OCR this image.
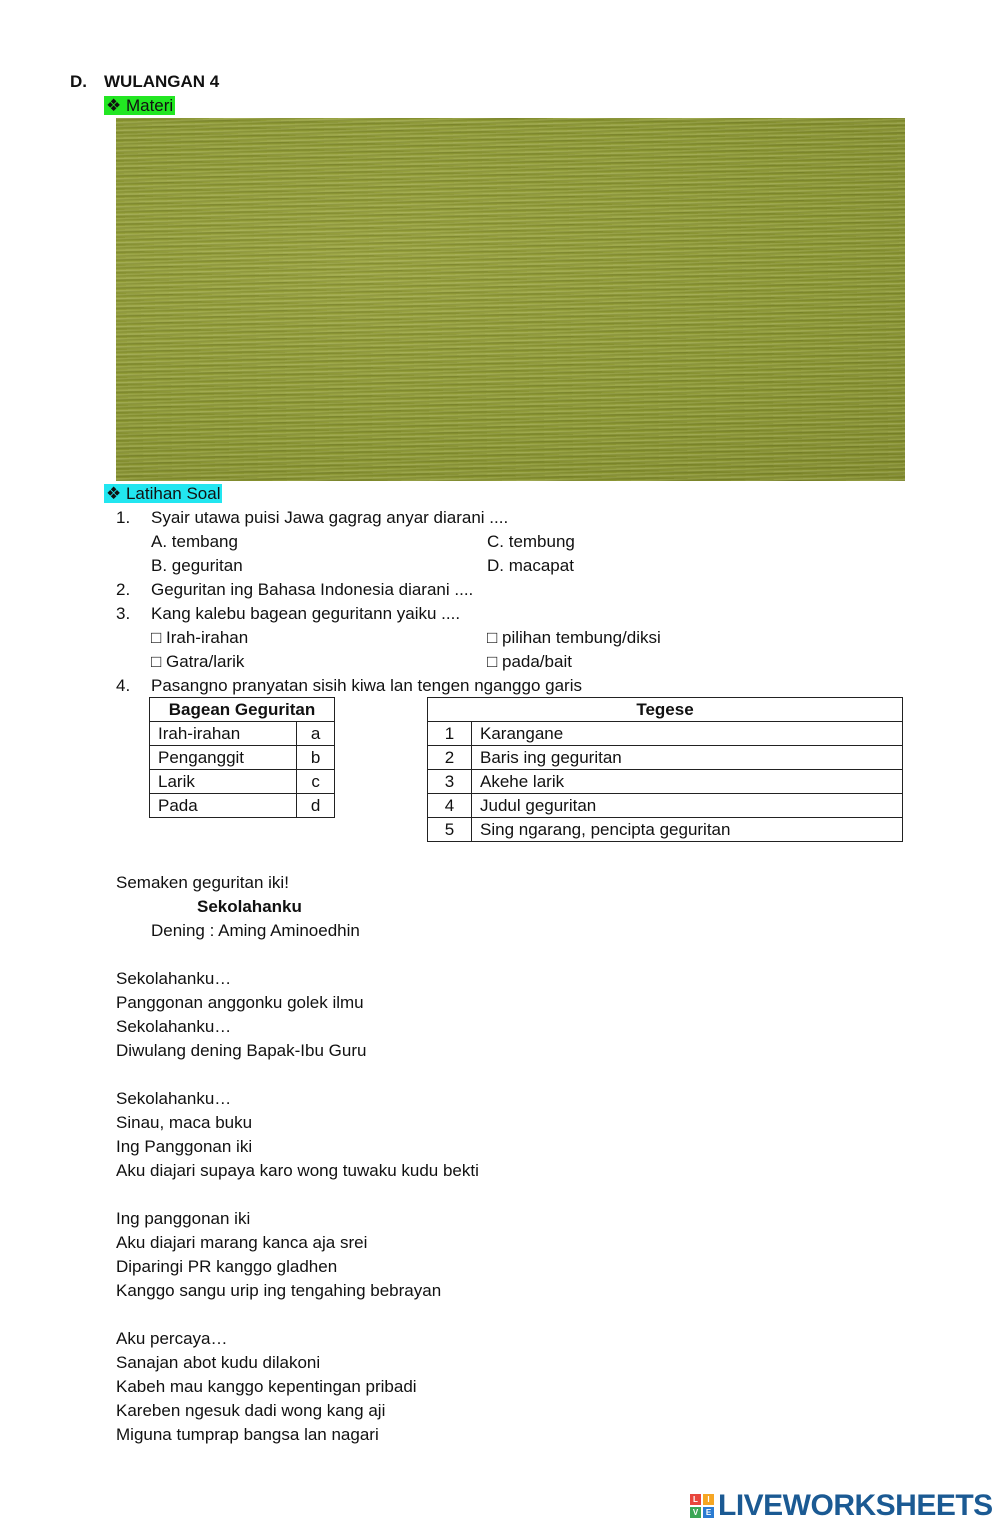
D. WULANGAN 4
❖ Materi
❖ Latihan Soal
1. Syair utawa puisi Jawa gagrag anyar diarani ....
A. tembang	C. tembung
B. geguritan	D. macapat
2. Geguritan ing Bahasa Indonesia diarani ....
3. Kang kalebu bagean geguritann yaiku ....
□ Irah-irahan	□ pilihan tembung/diksi
□ Gatra/larik	□ pada/bait
4. Pasangno pranyatan sisih kiwa lan tengen nganggo garis
Bagean Geguritan	
Irah-irahan	a
Penganggit	b
Larik	c
Pada	d
Tegese	
1	Karangane
2	Baris ing geguritan
3	Akehe larik
4	Judul geguritan
5	Sing ngarang, pencipta geguritan
Semaken geguritan iki!
Sekolahanku
Dening : Aming Aminoedhin
Sekolahanku…
Panggonan anggonku golek ilmu
Sekolahanku…
Diwulang dening Bapak-Ibu Guru
Sekolahanku…
Sinau, maca buku
Ing Panggonan iki
Aku diajari supaya karo wong tuwaku kudu bekti
Ing panggonan iki
Aku diajari marang kanca aja srei
Diparingi PR kanggo gladhen
Kanggo sangu urip ing tengahing bebrayan
Aku percaya…
Sanajan abot kudu dilakoni
Kabeh mau kanggo kepentingan pribadi
Kareben ngesuk dadi wong kang aji
Miguna tumprap bangsa lan nagari
L	I
V E LIVEWORKSHEETS
